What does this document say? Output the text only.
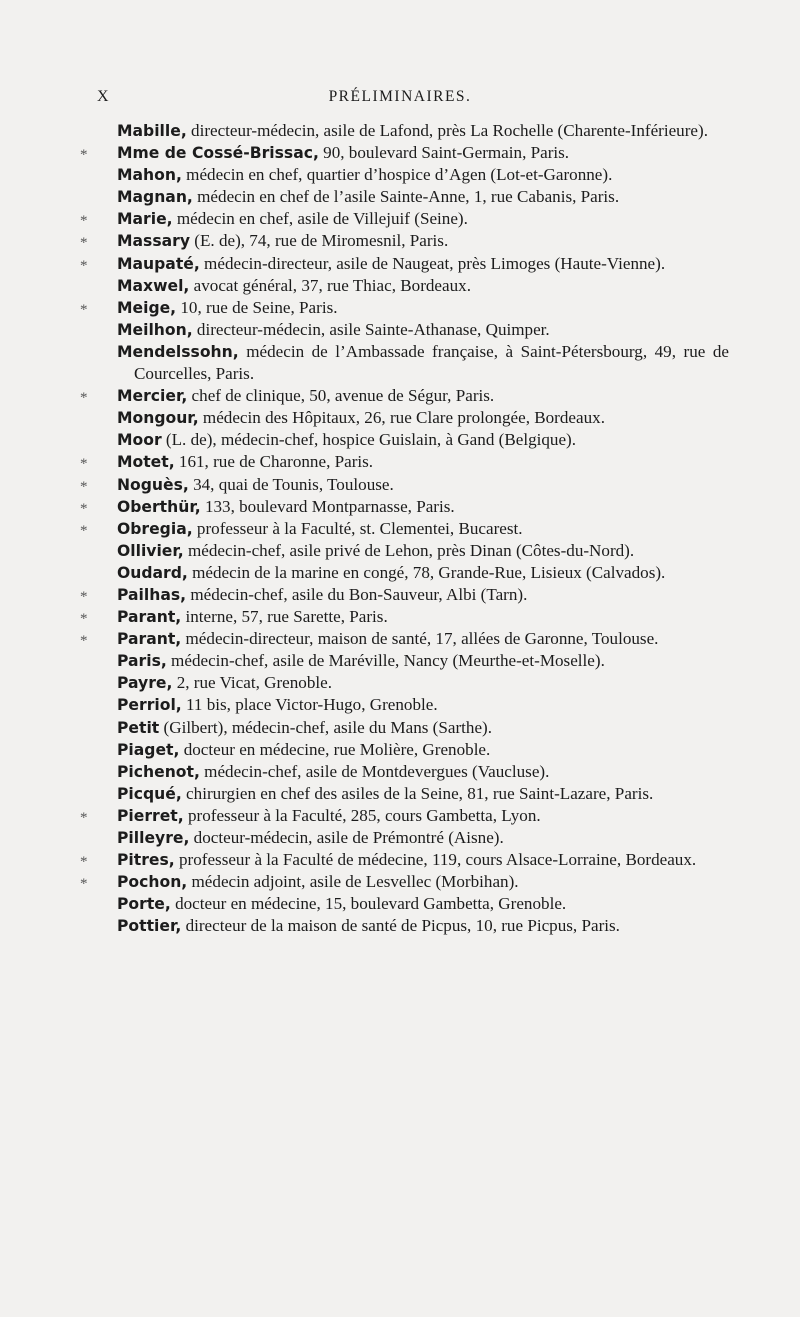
X	PRÉLIMINAIRES.
Mabille, directeur-médecin, asile de Lafond, près La Rochelle (Charente-Inférieure).
* Mme de Cossé-Brissac, 90, boulevard Saint-Germain, Paris.
Mahon, médecin en chef, quartier d’hospice d’Agen (Lot-et-Garonne).
Magnan, médecin en chef de l’asile Sainte-Anne, 1, rue Cabanis, Paris.
* Marie, médecin en chef, asile de Villejuif (Seine).
* Massary (E. de), 74, rue de Miromesnil, Paris.
* Maupaté, médecin-directeur, asile de Naugeat, près Limoges (Haute-Vienne).
Maxwel, avocat général, 37, rue Thiac, Bordeaux.
* Meige, 10, rue de Seine, Paris.
Meilhon, directeur-médecin, asile Sainte-Athanase, Quimper.
Mendelssohn, médecin de l’Ambassade française, à Saint-Pétersbourg, 49, rue de Courcelles, Paris.
* Mercier, chef de clinique, 50, avenue de Ségur, Paris.
Mongour, médecin des Hôpitaux, 26, rue Clare prolongée, Bordeaux.
Moor (L. de), médecin-chef, hospice Guislain, à Gand (Belgique).
* Motet, 161, rue de Charonne, Paris.
* Noguès, 34, quai de Tounis, Toulouse.
* Oberthür, 133, boulevard Montparnasse, Paris.
* Obregia, professeur à la Faculté, st. Clementei, Bucarest.
Ollivier, médecin-chef, asile privé de Lehon, près Dinan (Côtes-du-Nord).
Oudard, médecin de la marine en congé, 78, Grande-Rue, Lisieux (Calvados).
* Pailhas, médecin-chef, asile du Bon-Sauveur, Albi (Tarn).
* Parant, interne, 57, rue Sarette, Paris.
* Parant, médecin-directeur, maison de santé, 17, allées de Garonne, Toulouse.
Paris, médecin-chef, asile de Maréville, Nancy (Meurthe-et-Moselle).
Payre, 2, rue Vicat, Grenoble.
Perriol, 11 bis, place Victor-Hugo, Grenoble.
Petit (Gilbert), médecin-chef, asile du Mans (Sarthe).
Piaget, docteur en médecine, rue Molière, Grenoble.
Pichenot, médecin-chef, asile de Montdevergues (Vaucluse).
Picqué, chirurgien en chef des asiles de la Seine, 81, rue Saint-Lazare, Paris.
* Pierret, professeur à la Faculté, 285, cours Gambetta, Lyon.
Pilleyre, docteur-médecin, asile de Prémontré (Aisne).
* Pitres, professeur à la Faculté de médecine, 119, cours Alsace-Lorraine, Bordeaux.
* Pochon, médecin adjoint, asile de Lesvellec (Morbihan).
Porte, docteur en médecine, 15, boulevard Gambetta, Grenoble.
Pottier, directeur de la maison de santé de Picpus, 10, rue Picpus, Paris.
